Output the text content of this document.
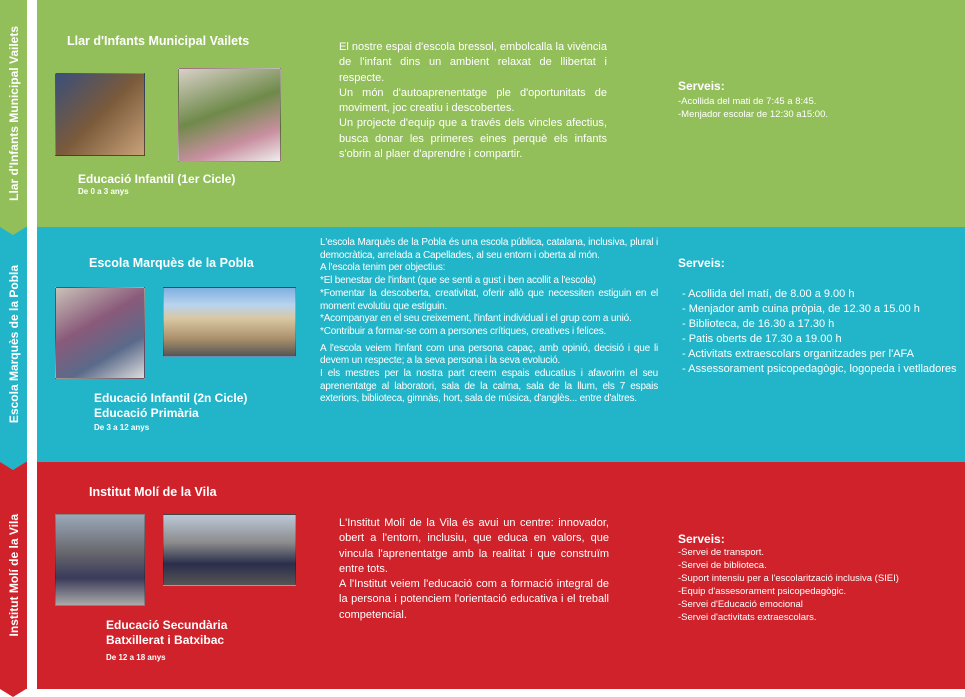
Llar d'Infants Municipal Vailets
Escola Marquès de la Pobla
Institut Molí de la Vila
Llar d'Infants Municipal Vailets
Educació Infantil (1er Cicle)
De 0 a 3 anys

El nostre espai d'escola bressol, embolcalla la vivència de l'infant dins un ambient relaxat de llibertat i respecte.

Un món d'autoaprenentatge ple d'oportunitats de moviment, joc creatiu i descobertes.

Un projecte d'equip que a través dels vincles afectius, busca donar les primeres eines perquè els infants s'obrin al plaer d'aprendre i compartir.

Serveis:
-Acollida del mati de 7:45 a 8:45.
-Menjador escolar de 12:30 a15:00.
Escola Marquès de la Pobla
Educació Infantil (2n Cicle)
Educació Primària
De 3 a 12 anys

L'escola Marquès de la Pobla és una escola pública, catalana, inclusiva, plural i democràtica, arrelada a Capellades, al seu entorn i oberta al món.

A l'escola tenim per objectius:

*El benestar de l'infant (que se senti a gust i ben acollit a l'escola)

*Fomentar la descoberta, creativitat, oferir allò que necessiten estiguin en el moment evolutiu que estiguin.

*Acompanyar en el seu creixement, l'infant individual i el grup com a unió.

*Contribuir a formar-se com a persones crítiques, creatives i felices.

A l'escola veiem l'infant com una persona capaç, amb opinió, decisió i que li devem un respecte; a la seva persona i la seva evolució.

I els mestres per la nostra part creem espais educatius i afavorim el seu aprenentatge al laboratori, sala de la calma, sala de la llum, els 7 espais exteriors, biblioteca, gimnàs, hort, sala de música, d'anglès... entre d'altres.

Serveis:
- Acollida del matí, de 8.00 a 9.00 h
- Menjador amb cuina pròpia, de 12.30 a 15.00 h
- Biblioteca, de 16.30 a 17.30 h
- Patis oberts de 17.30 a 19.00 h
- Activitats extraescolars organitzades per l'AFA
- Assessorament psicopedagògic, logopeda i vetlladores
Institut Molí de la Vila
Educació Secundària
Batxillerat i Batxibac
De 12 a 18 anys

L'Institut Molí de la Vila és avui un centre: innovador, obert a l'entorn, inclusiu, que educa en valors, que vincula l'aprenentatge amb la realitat i que construïm entre tots.

A l'Institut veiem l'educació com a formació integral de la persona i potenciem l'orientació educativa i el treball competencial.

Serveis:
-Servei de transport.
-Servei de biblioteca.
-Suport intensiu per a l'escolarització inclusiva (SIEI)
-Equip d'assesorament psicopedagògic.
-Servei d'Educació emocional
-Servei d'activitats extraescolars.
